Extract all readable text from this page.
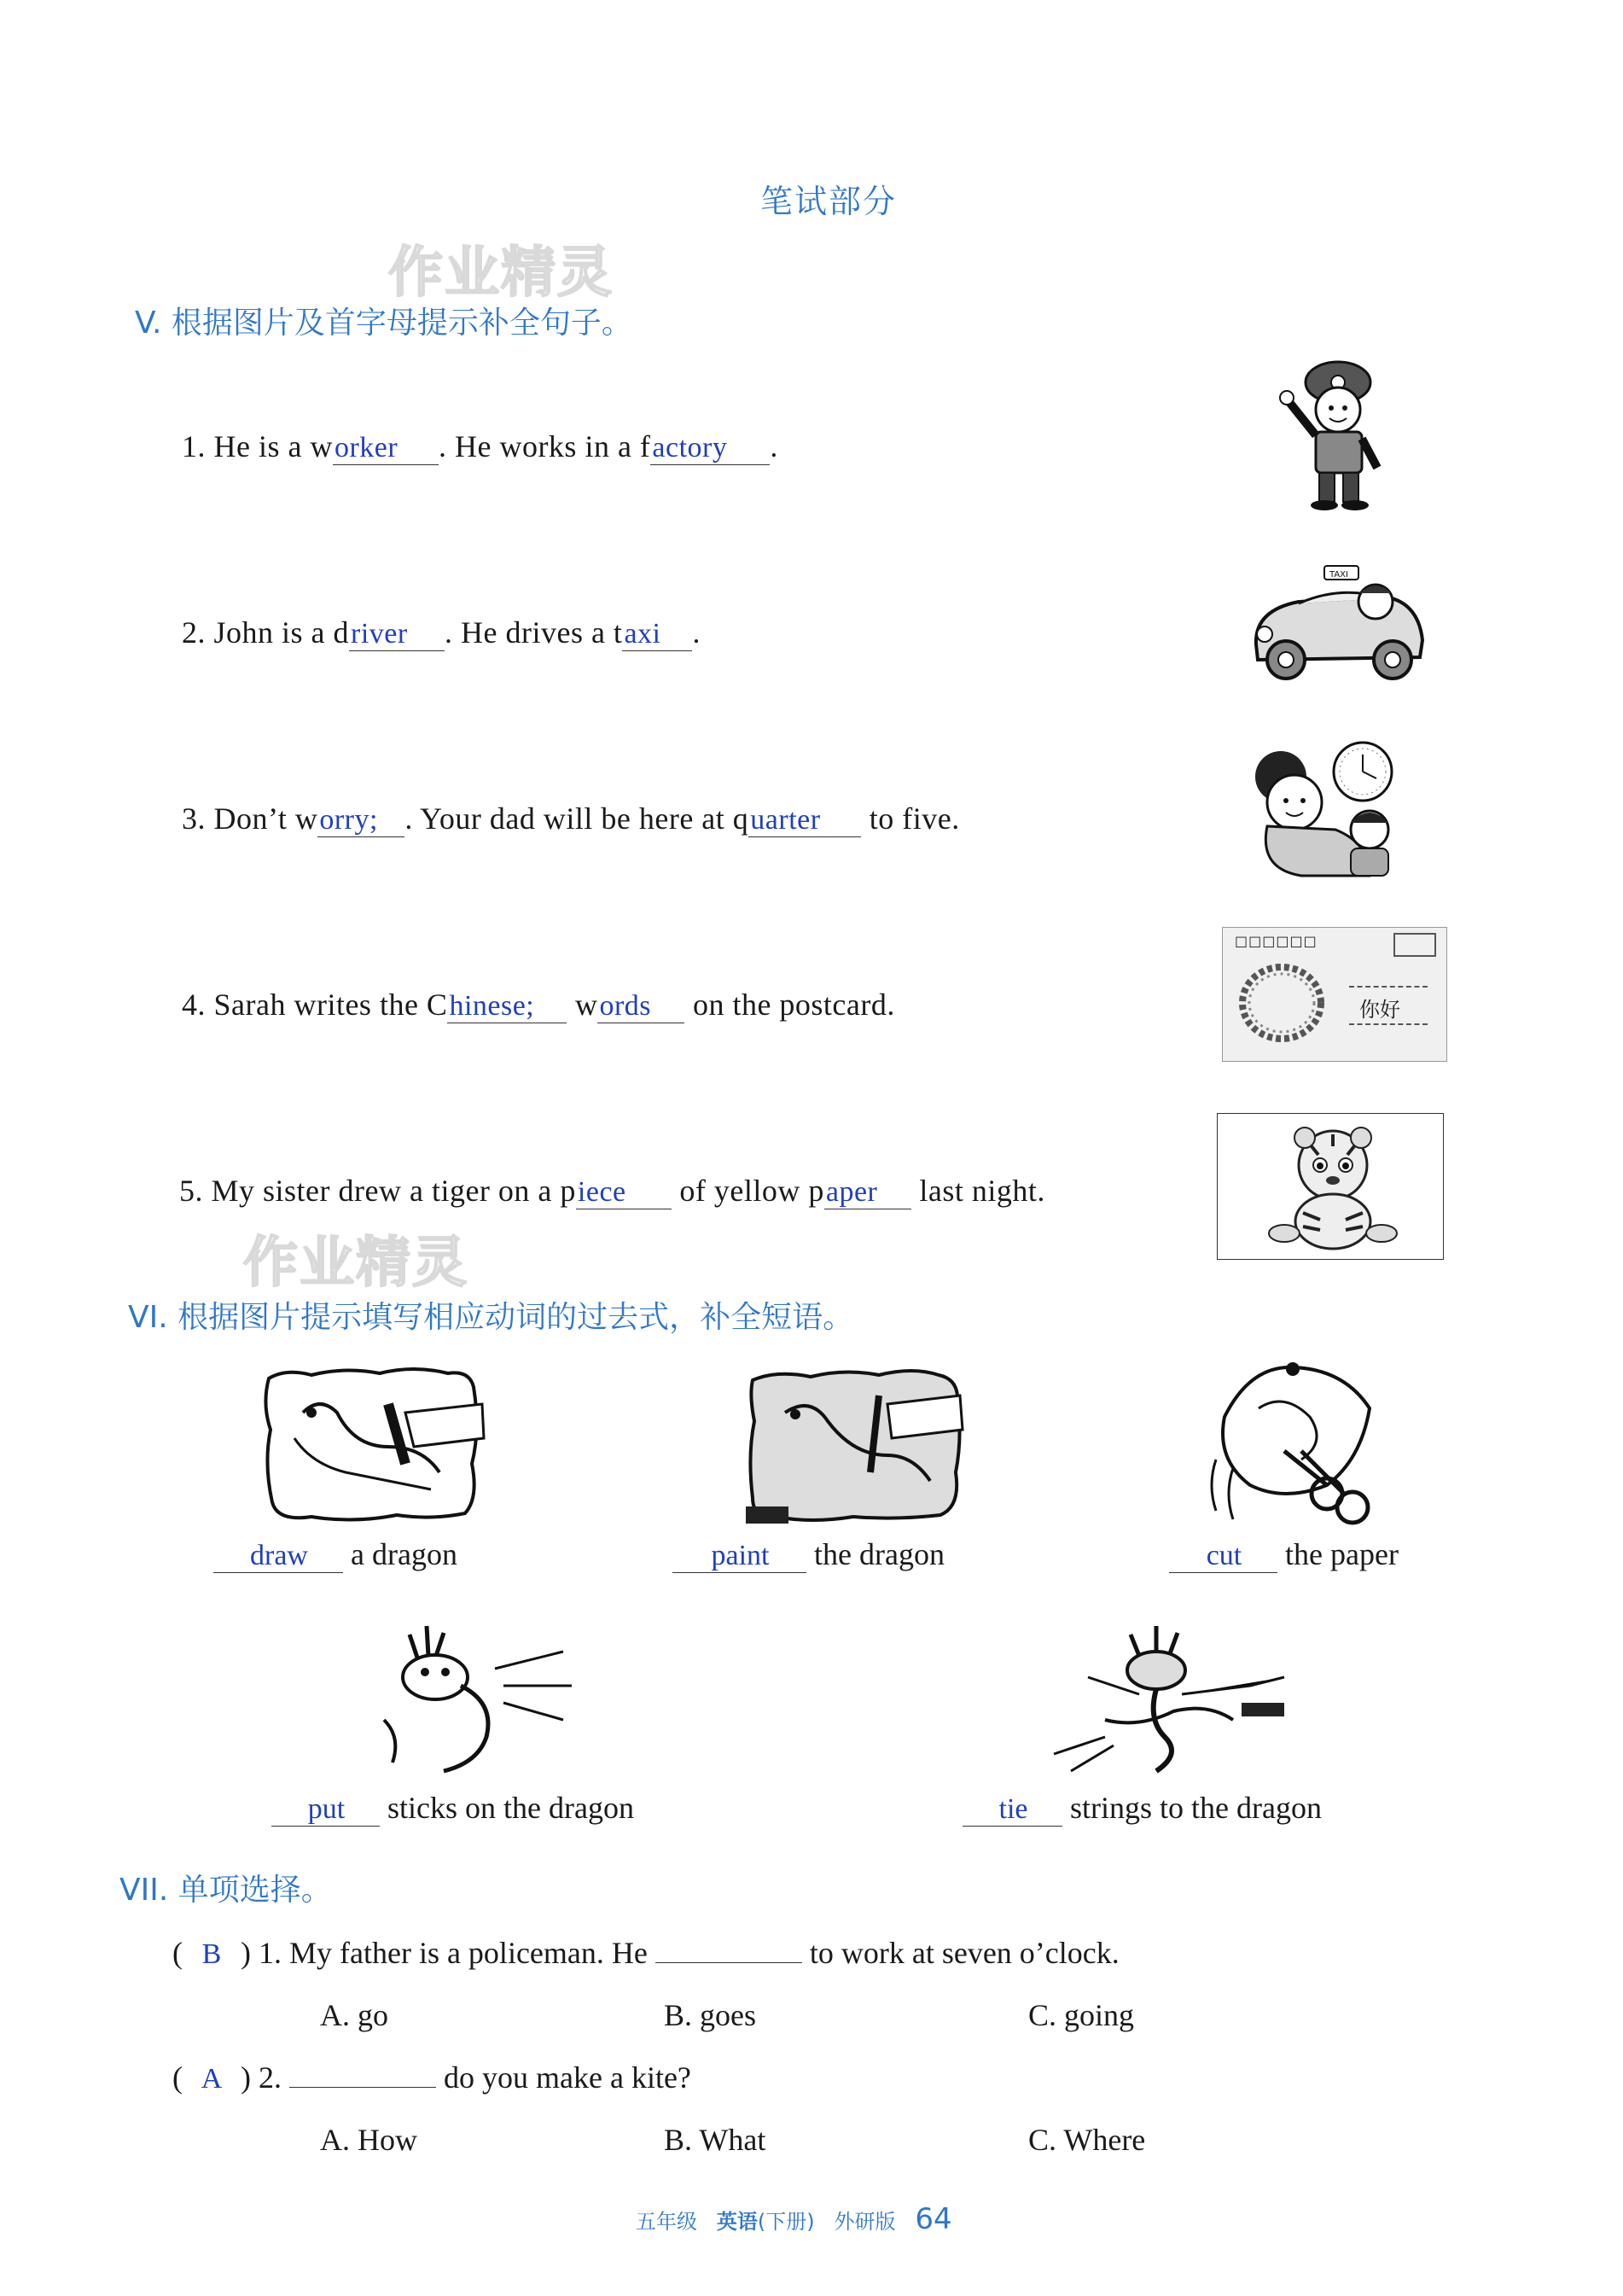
笔试部分
作业精灵
作业精灵
V. 根据图片及首字母提示补全句子。
1. He is a worker . He works in a factory .
2. John is a driver . He drives a taxi .
3. Don’t worry; . Your dad will be here at quarter to five.
4. Sarah writes the Chinese; words on the postcard.
5. My sister drew a tiger on a piece of yellow paper last night.
TAXI
□□□□□□
你好
VI. 根据图片提示填写相应动词的过去式，补全短语。
draw a dragon	paint the dragon	cut the paper
put sticks on the dragon	tie strings to the dragon
VII. 单项选择。
( B ) 1. My father is a policeman. He	to work at seven o’clock.
A. go	B. goes	C. going
( A ) 2.	do you make a kite?
A. How	B. What	C. Where
五年级 英语(下册) 外研版 64
